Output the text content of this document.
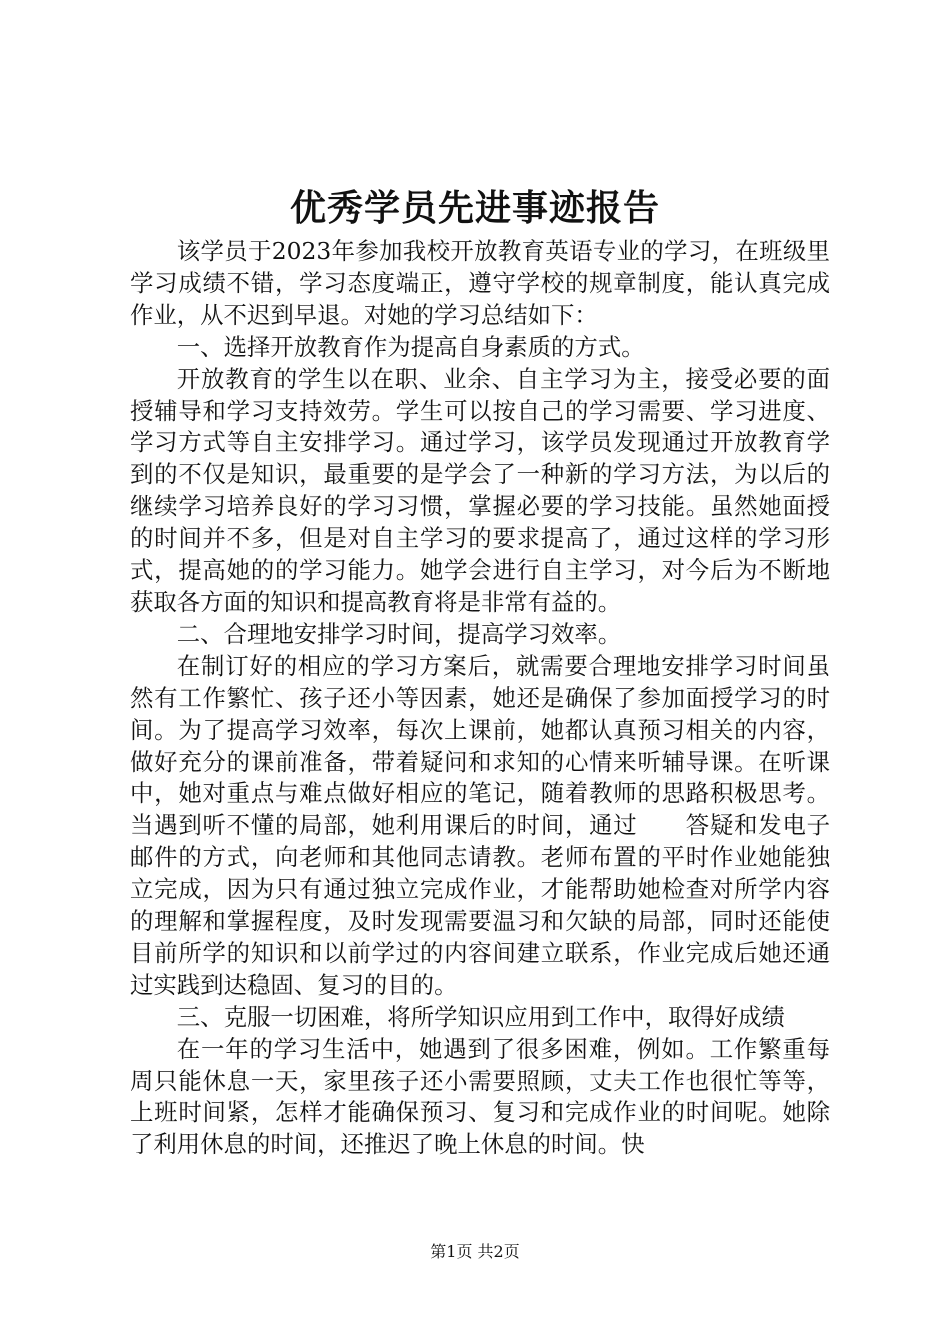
优秀学员先进事迹报告

该学员于2023年参加我校开放教育英语专业的学习，在班级里学习成绩不错，学习态度端正，遵守学校的规章制度，能认真完成作业，从不迟到早退。对她的学习总结如下：

一、选择开放教育作为提高自身素质的方式。

开放教育的学生以在职、业余、自主学习为主，接受必要的面授辅导和学习支持效劳。学生可以按自己的学习需要、学习进度、学习方式等自主安排学习。通过学习，该学员发现通过开放教育学到的不仅是知识，最重要的是学会了一种新的学习方法，为以后的继续学习培养良好的学习习惯，掌握必要的学习技能。虽然她面授的时间并不多，但是对自主学习的要求提高了，通过这样的学习形式，提高她的的学习能力。她学会进行自主学习，对今后为不断地获取各方面的知识和提高教育将是非常有益的。

二、合理地安排学习时间，提高学习效率。

在制订好的相应的学习方案后，就需要合理地安排学习时间虽然有工作繁忙、孩子还小等因素，她还是确保了参加面授学习的时间。为了提高学习效率，每次上课前，她都认真预习相关的内容，做好充分的课前准备，带着疑问和求知的心情来听辅导课。在听课中，她对重点与难点做好相应的笔记，随着教师的思路积极思考。当遇到听不懂的局部，她利用课后的时间，通过　　答疑和发电子邮件的方式，向老师和其他同志请教。老师布置的平时作业她能独立完成，因为只有通过独立完成作业，才能帮助她检查对所学内容的理解和掌握程度，及时发现需要温习和欠缺的局部，同时还能使目前所学的知识和以前学过的内容间建立联系，作业完成后她还通过实践到达稳固、复习的目的。

三、克服一切困难，将所学知识应用到工作中，取得好成绩

在一年的学习生活中，她遇到了很多困难，例如。工作繁重每周只能休息一天，家里孩子还小需要照顾，丈夫工作也很忙等等，上班时间紧，怎样才能确保预习、复习和完成作业的时间呢。她除了利用休息的时间，还推迟了晚上休息的时间。快

第1页 共2页
